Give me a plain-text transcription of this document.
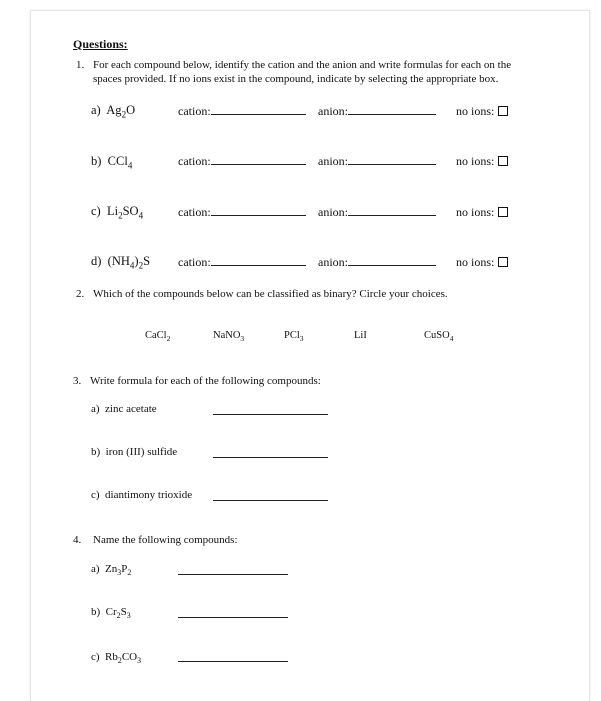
Questions:
1. For each compound below, identify the cation and the anion and write formulas for each on the
spaces provided. If no ions exist in the compound, indicate by selecting the appropriate box.
a) $Ag_2O$	cation:	anion:	no ions:
b) CCl$_4$	cation:	anion:	no ions:
c) $Li_2SO_4$	cation:	anion:	no ions:
d) $(NH_4)_2S$ cation:	anion:	no ions:
2. Which of the compounds below can be classified as binary? Circle your choices.
CaCl$_2$	NaNO$_3$	PCl$_3$	LiI	CuSO$_4$
3. Write formula for each of the following compounds:
a) zinc acetate
b) iron (III) sulfide
c) diantimony trioxide
4. Name the following compounds:
a) $Zn_3P_2$
b) $Cr_2S_3$
c) $Rb_2CO_3$
